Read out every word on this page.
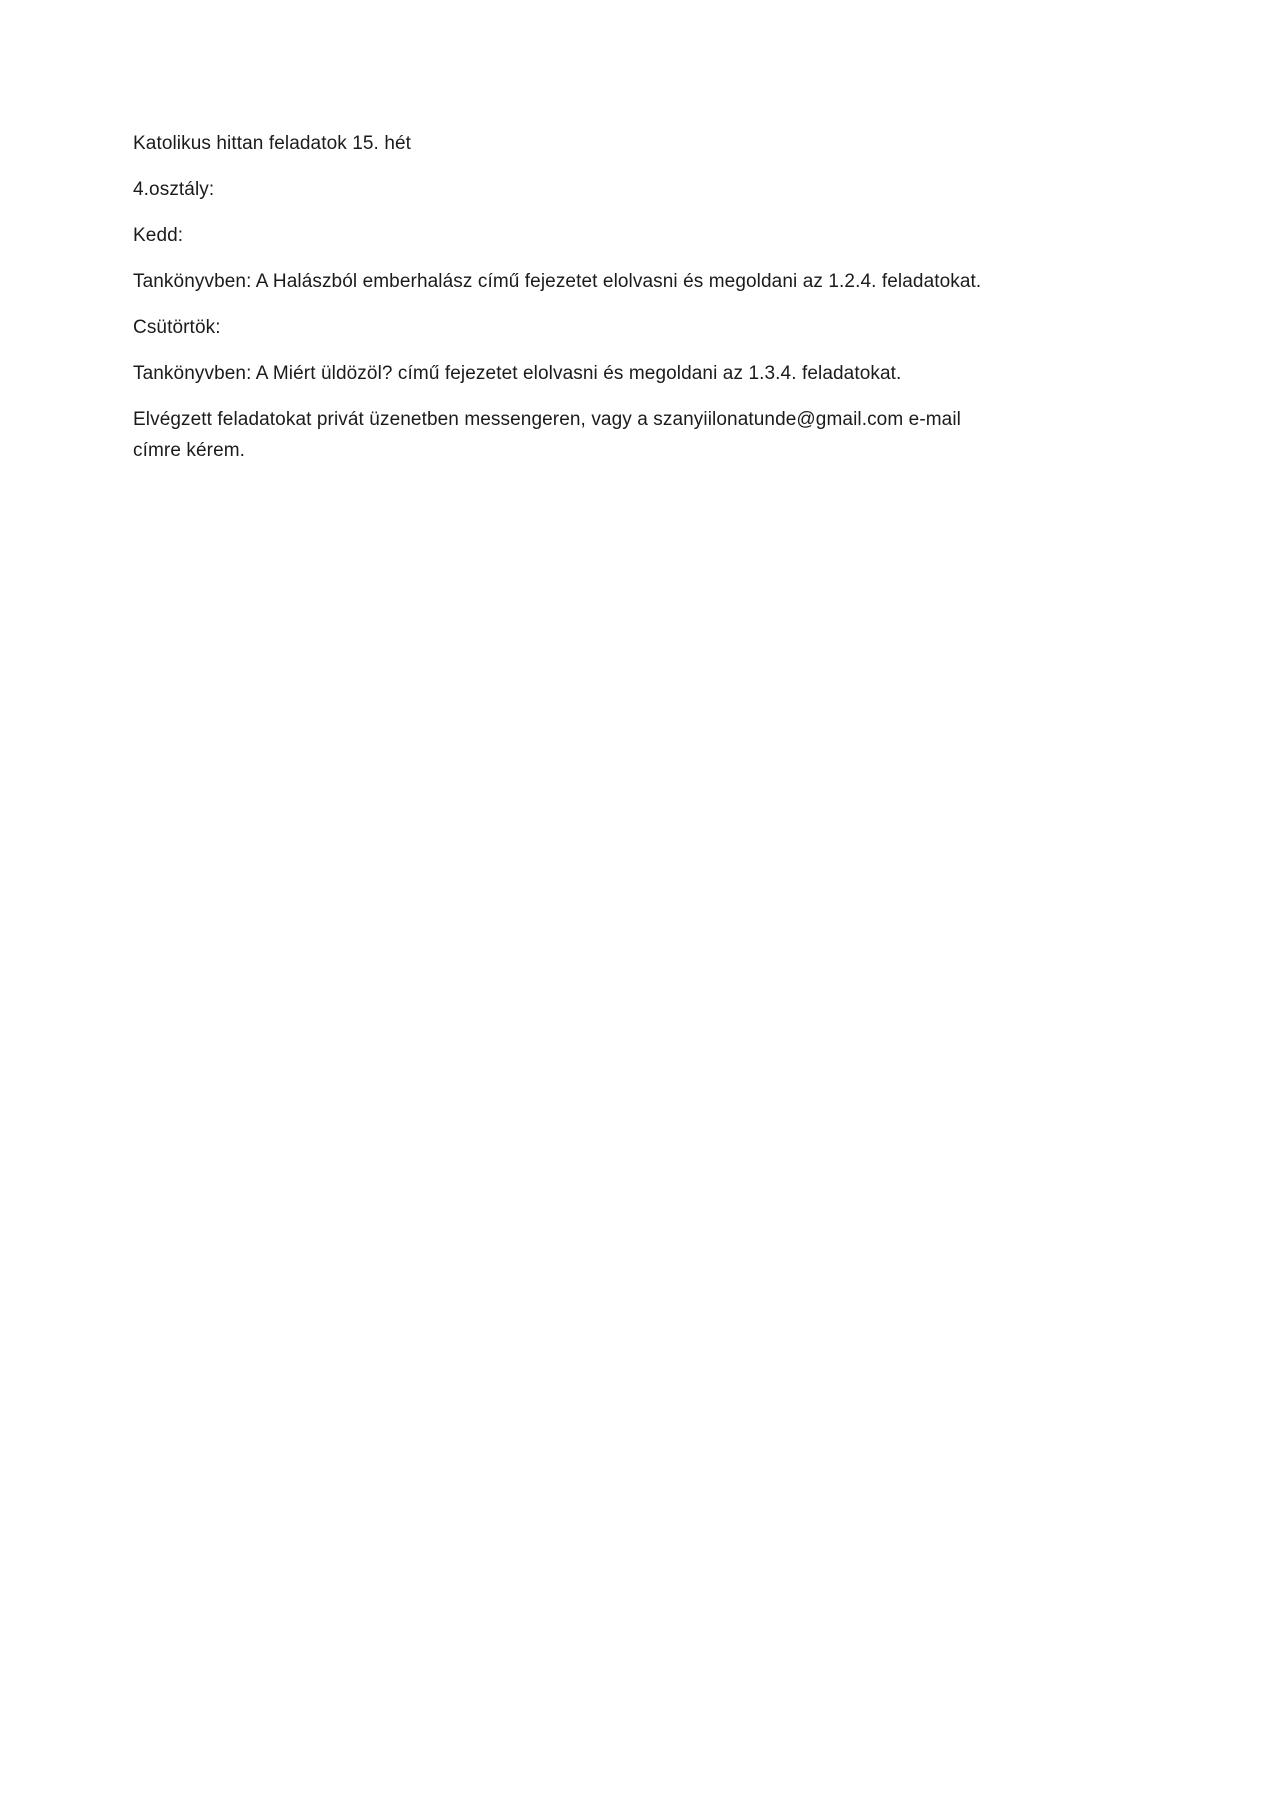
Katolikus hittan feladatok 15. hét

4.osztály:

Kedd:

Tankönyvben: A Halászból emberhalász című fejezetet elolvasni és megoldani az 1.2.4. feladatokat.

Csütörtök:

Tankönyvben: A Miért üldözöl? című fejezetet elolvasni és megoldani az 1.3.4. feladatokat.

Elvégzett feladatokat privát üzenetben messengeren, vagy a szanyiilonatunde@gmail.com e-mail
címre kérem.
